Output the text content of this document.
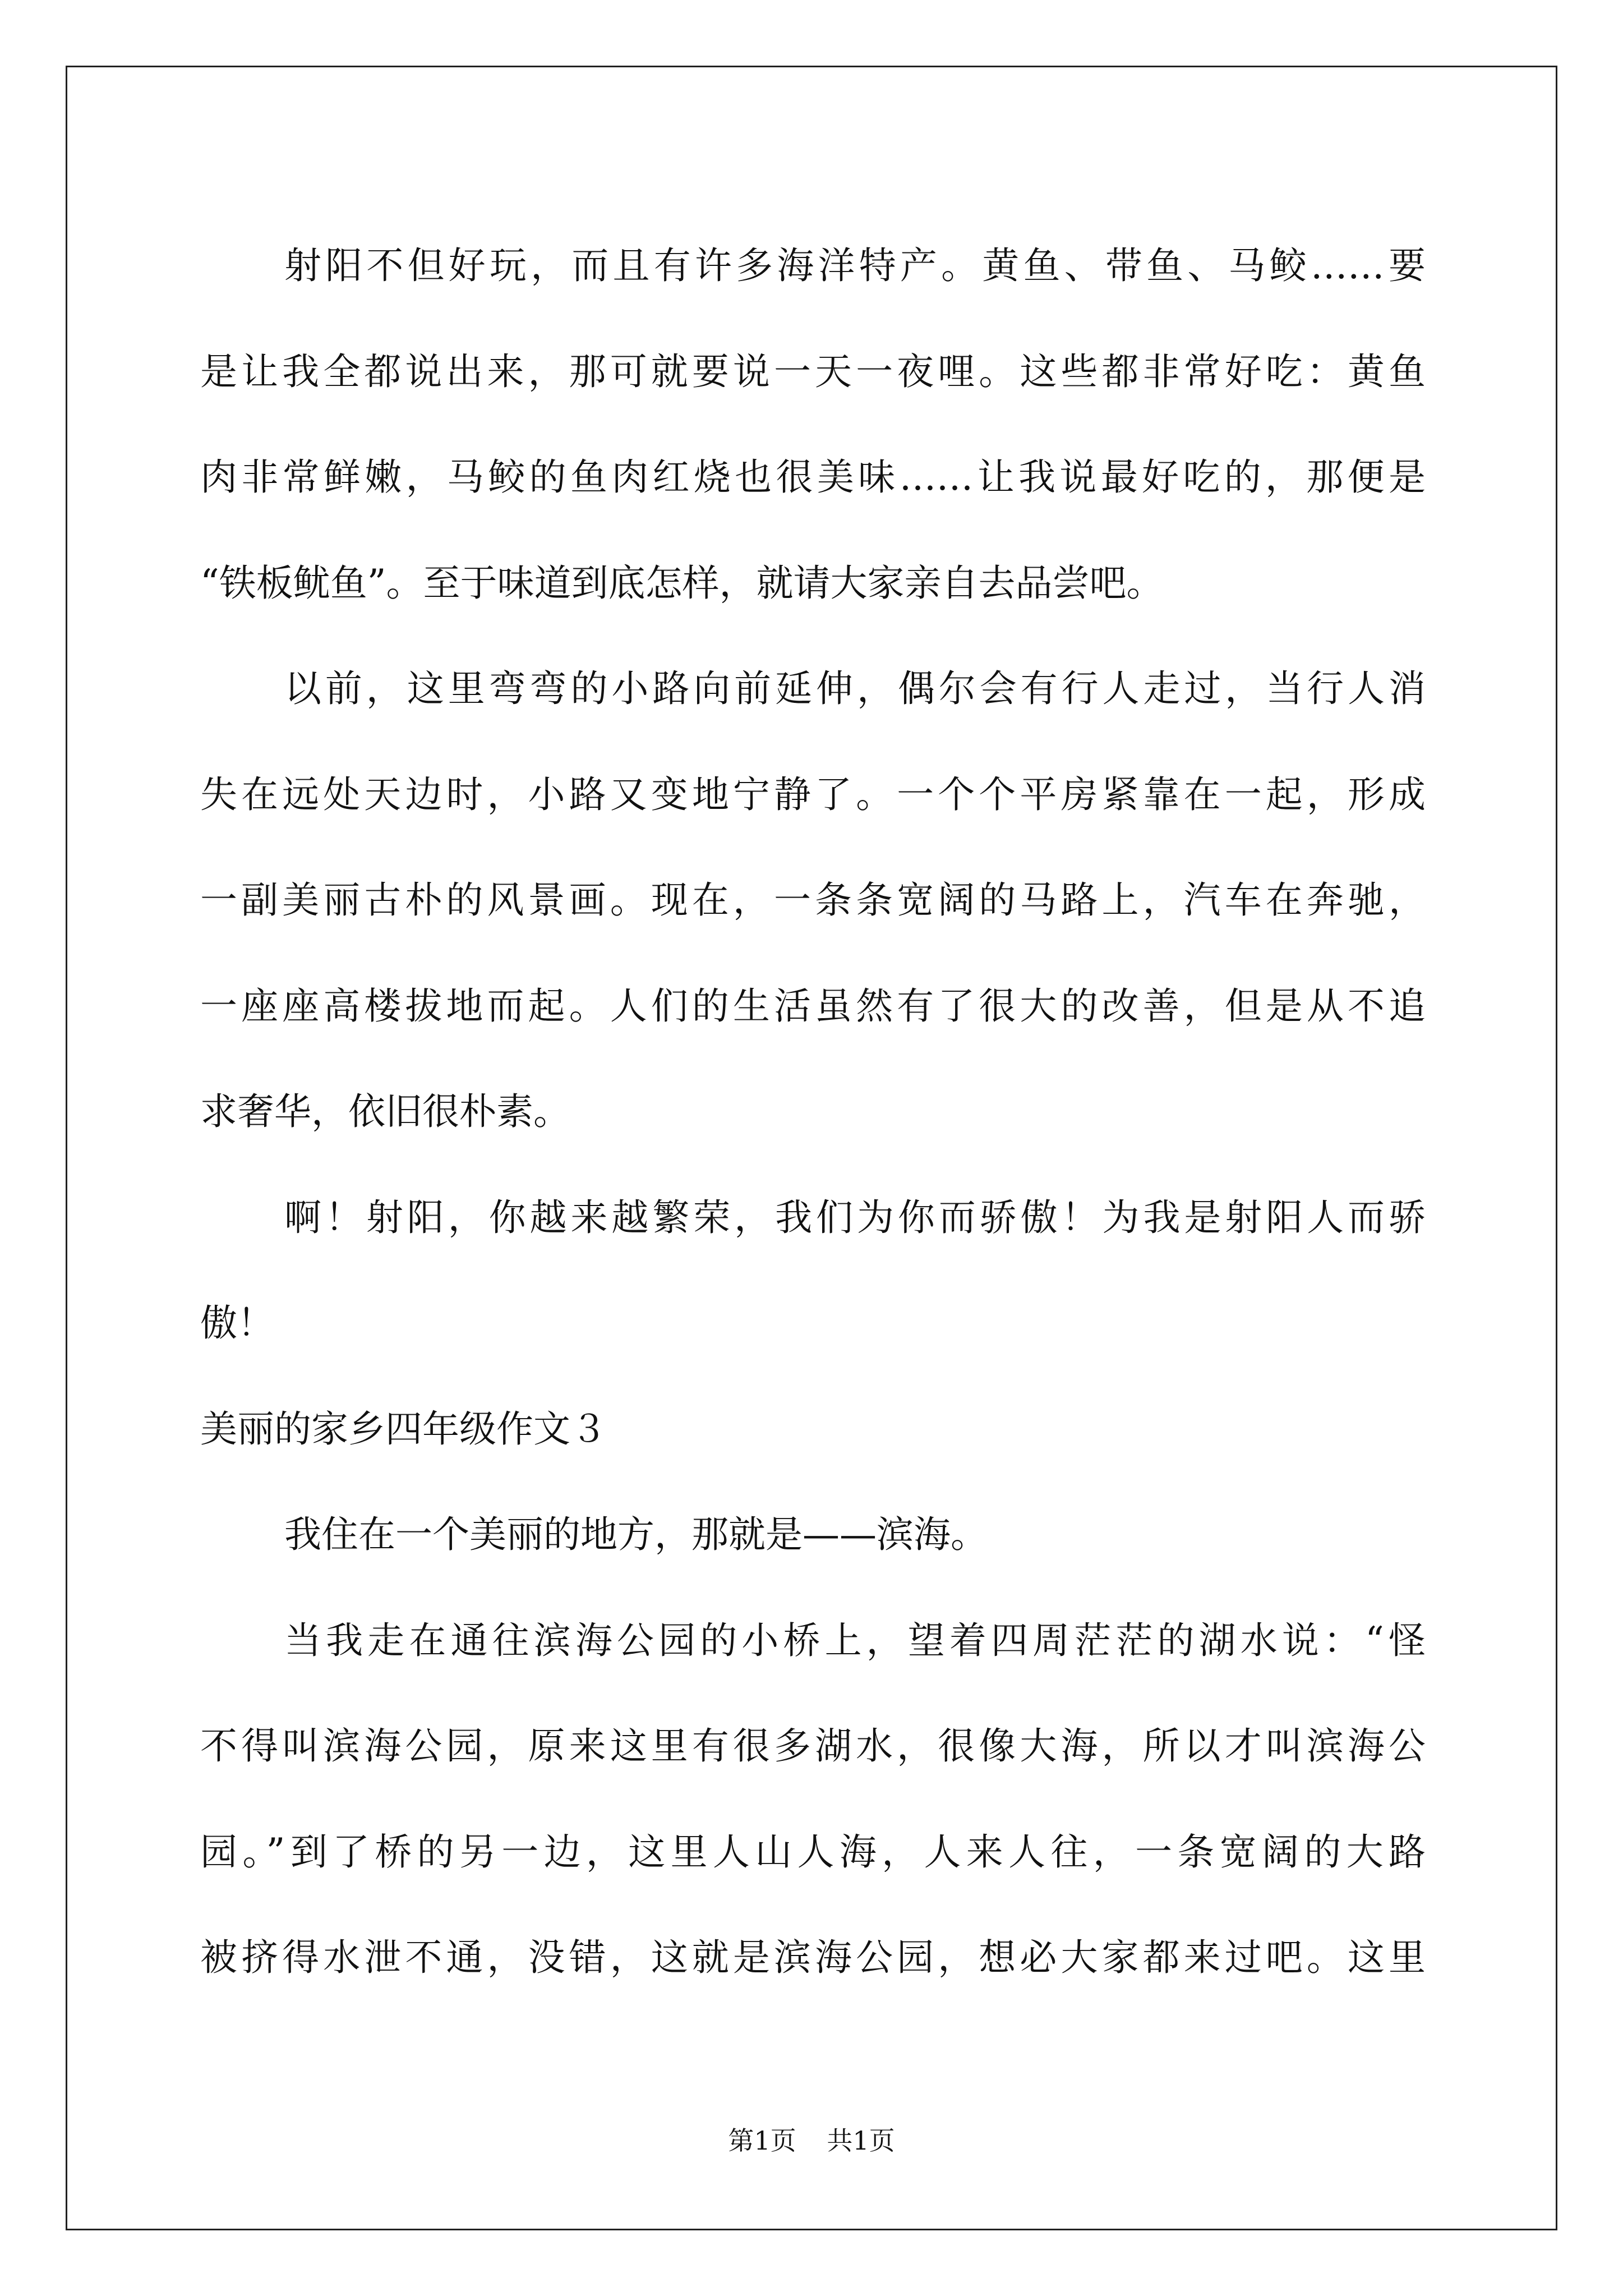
射阳不但好玩，而且有许多海洋特产。黄鱼、带鱼、马鲛……要
是让我全都说出来，那可就要说一天一夜哩。这些都非常好吃：黄鱼
肉非常鲜嫩，马鲛的鱼肉红烧也很美味……让我说最好吃的，那便是
“铁板鱿鱼”。至于味道到底怎样，就请大家亲自去品尝吧。
以前，这里弯弯的小路向前延伸，偶尔会有行人走过，当行人消
失在远处天边时，小路又变地宁静了。一个个平房紧靠在一起，形成
一副美丽古朴的风景画。现在，一条条宽阔的马路上，汽车在奔驰，
一座座高楼拔地而起。人们的生活虽然有了很大的改善，但是从不追
求奢华，依旧很朴素。
啊！射阳，你越来越繁荣，我们为你而骄傲！为我是射阳人而骄
傲！
美丽的家乡四年级作文３
我住在一个美丽的地方，那就是——滨海。
当我走在通往滨海公园的小桥上，望着四周茫茫的湖水说：“怪
不得叫滨海公园，原来这里有很多湖水，很像大海，所以才叫滨海公
园。”到了桥的另一边，这里人山人海，人来人往，一条宽阔的大路
被挤得水泄不通，没错，这就是滨海公园，想必大家都来过吧。这里
第1页 共1页
